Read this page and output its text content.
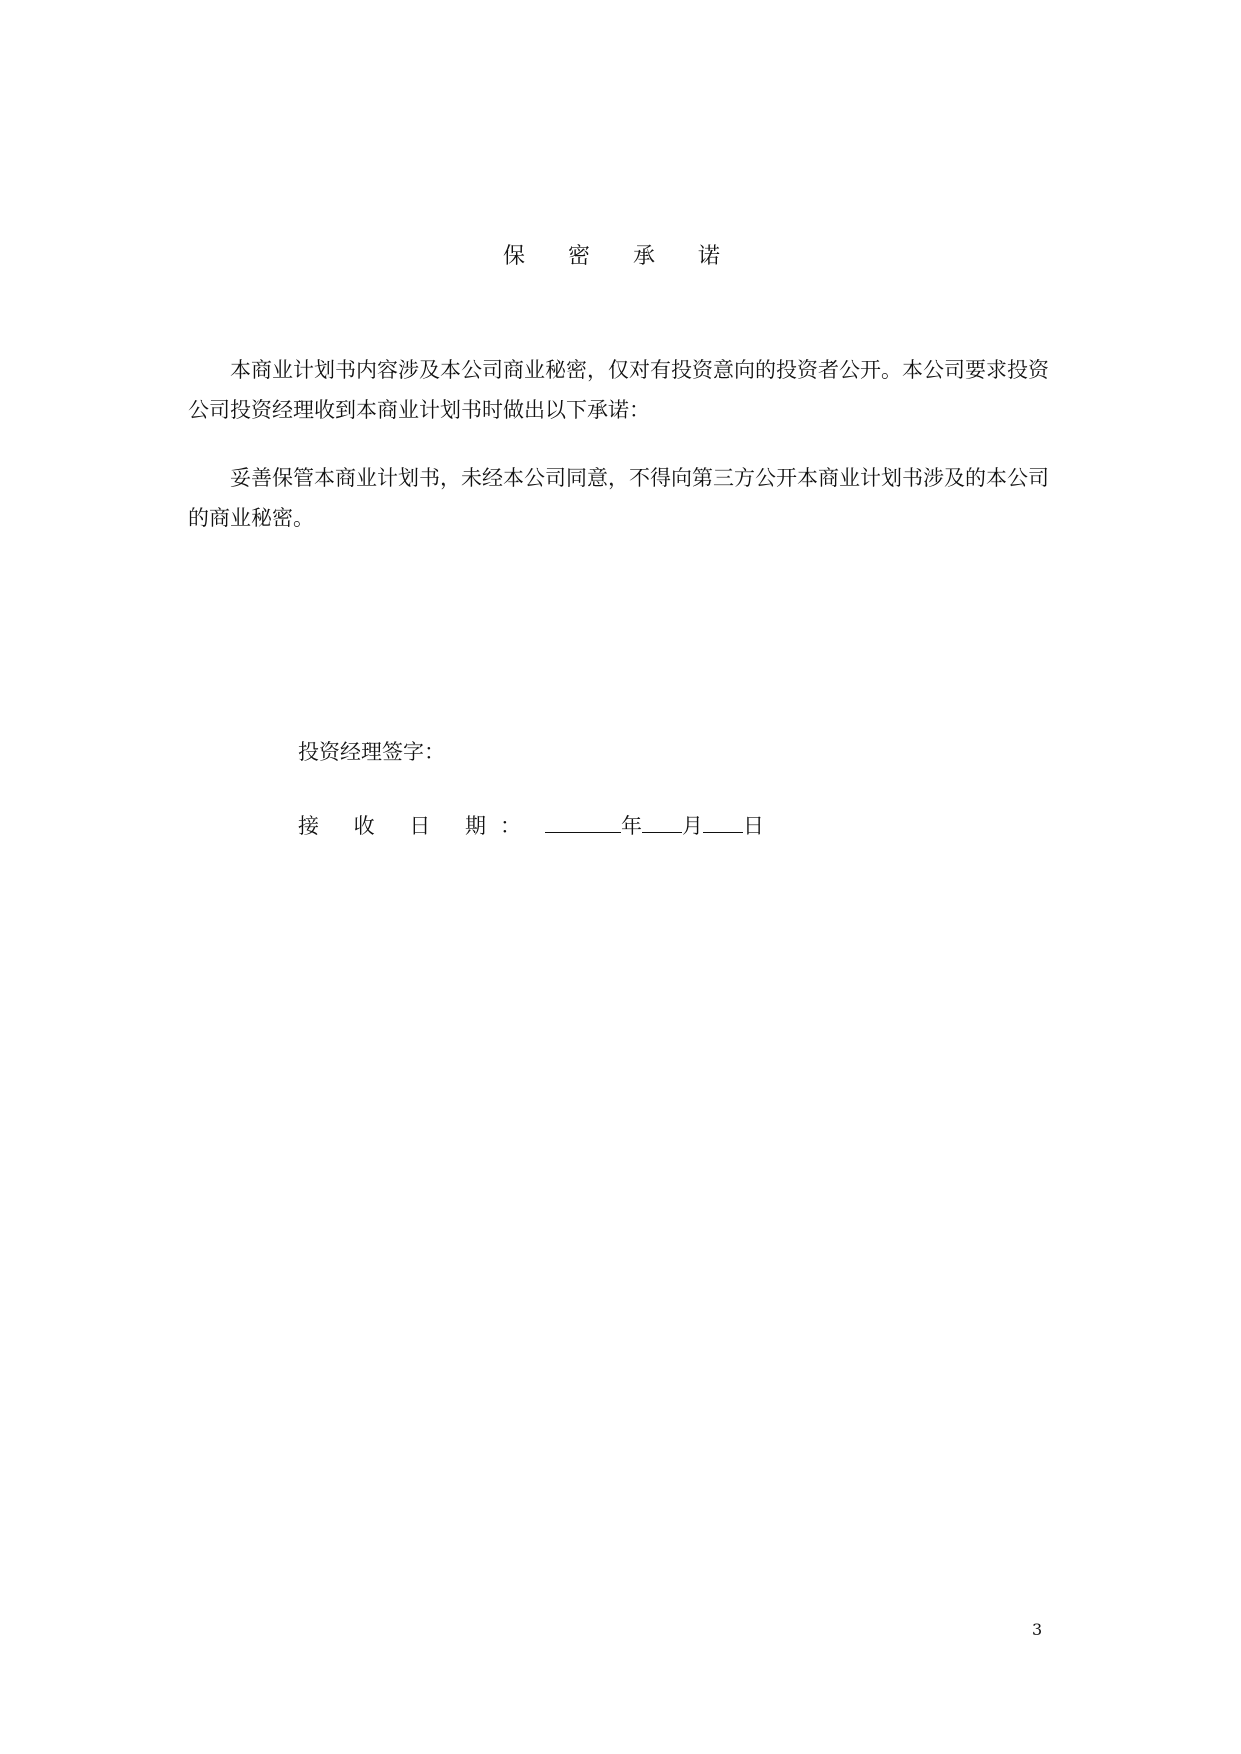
保 密 承 诺

本商业计划书内容涉及本公司商业秘密，仅对有投资意向的投资者公开。本公司要求投资公司投资经理收到本商业计划书时做出以下承诺：

妥善保管本商业计划书，未经本公司同意，不得向第三方公开本商业计划书涉及的本公司的商业秘密。

投资经理签字：
接 收 日 期：	年 月 日
3
